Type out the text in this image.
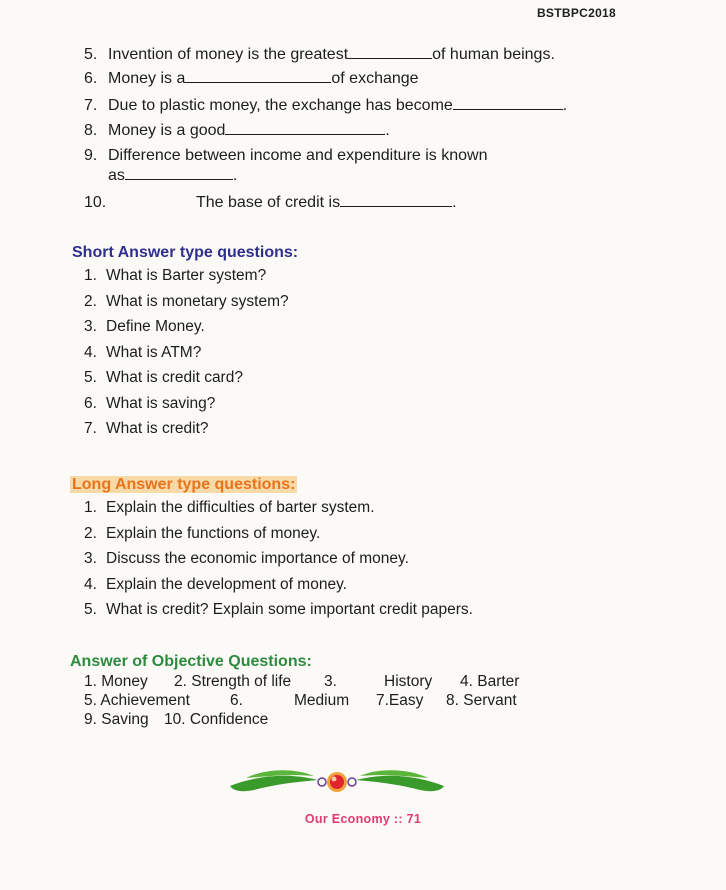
BSTBPC2018
5. Invention of money is the greatest	of human beings.
6. Money is a	of exchange
7. Due to plastic money, the exchange has become	.
8. Money is a good	.
9. Difference between income and expenditure is known
as	.
10.	The base of credit is	.
Short Answer type questions:
1. What is Barter system?
2. What is monetary system?
3. Define Money.
4. What is ATM?
5. What is credit card?
6. What is saving?
7. What is credit?
Long Answer type questions:
1. Explain the difficulties of barter system.
2. Explain the functions of money.
3. Discuss the economic importance of money.
4. Explain the development of money.
5. What is credit? Explain some important credit papers.
Answer of Objective Questions:
1. Money 2. Strength of life 3.	History 4. Barter
5. Achievement	6.	Medium 7.Easy 8. Servant
9. Saving 10. Confidence
Our Economy :: 71
